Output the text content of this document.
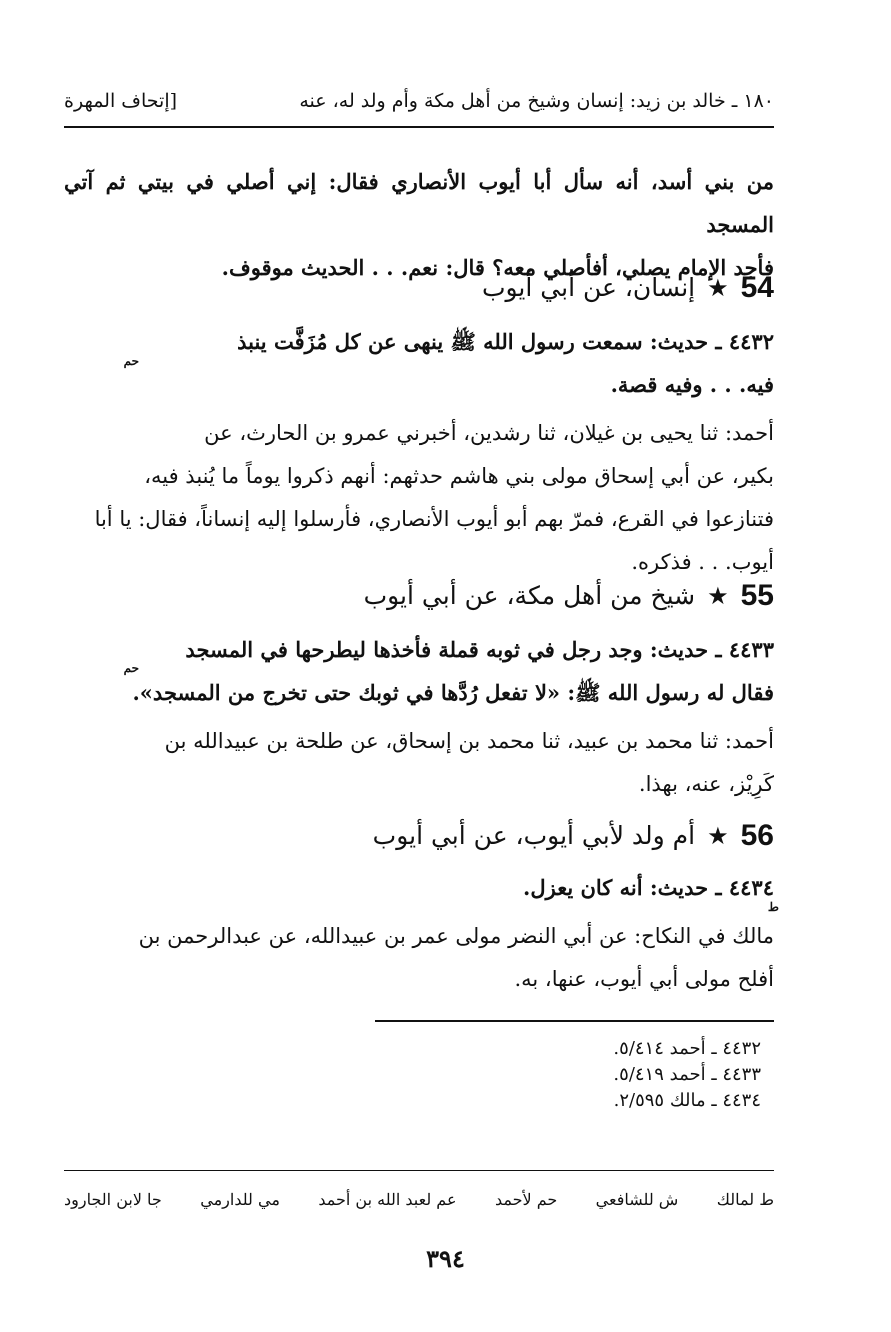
١٨٠ ـ خالد بن زيد: إنسان وشيخ من أهل مكة وأم ولد له، عنه
[إتحاف المهرة
من بني أسد، أنه سأل أبا أيوب الأنصاري فقال: إني أصلي في بيتي ثم آتي المسجد
فأجد الإمام يصلي، أفأصلي معه؟ قال: نعم. . . الحديث موقوف.
54
★
إنسان، عن أبي أيوب
٤٤٣٢ ـ حديث: سمعت رسول الله ﷺ ينهى عن كل مُزَفَّت ينبذ
فيه. . . وفيه قصة.
حم
أحمد: ثنا يحيى بن غيلان، ثنا رشدين، أخبرني عمرو بن الحارث، عن
بكير، عن أبي إسحاق مولى بني هاشم حدثهم: أنهم ذكروا يوماً ما يُنبذ فيه،
فتنازعوا في القرع، فمرّ بهم أبو أيوب الأنصاري، فأرسلوا إليه إنساناً، فقال: يا أبا
أيوب. . . فذكره.
55
★
شيخ من أهل مكة، عن أبي أيوب
٤٤٣٣ ـ حديث: وجد رجل في ثوبه قملة فأخذها ليطرحها في المسجد
فقال له رسول الله ﷺ: «لا تفعل رُدَّها في ثوبك حتى تخرج من المسجد».
حم
أحمد: ثنا محمد بن عبيد، ثنا محمد بن إسحاق، عن طلحة بن عبيدالله بن
كَرِيْز، عنه، بهذا.
56
★
أم ولد لأبي أيوب، عن أبي أيوب
٤٤٣٤ ـ حديث: أنه كان يعزل.
ط
مالك في النكاح: عن أبي النضر مولى عمر بن عبيدالله، عن عبدالرحمن بن
أفلح مولى أبي أيوب، عنها، به.
٤٤٣٢ ـ أحمد ٥/٤١٤.
٤٤٣٣ ـ أحمد ٥/٤١٩.
٤٤٣٤ ـ مالك ٢/٥٩٥.
ط لمالك
ش للشافعي
حم لأحمد
عم لعبد الله بن أحمد
مي للدارمي
جا لابن الجارود
٣٩٤
